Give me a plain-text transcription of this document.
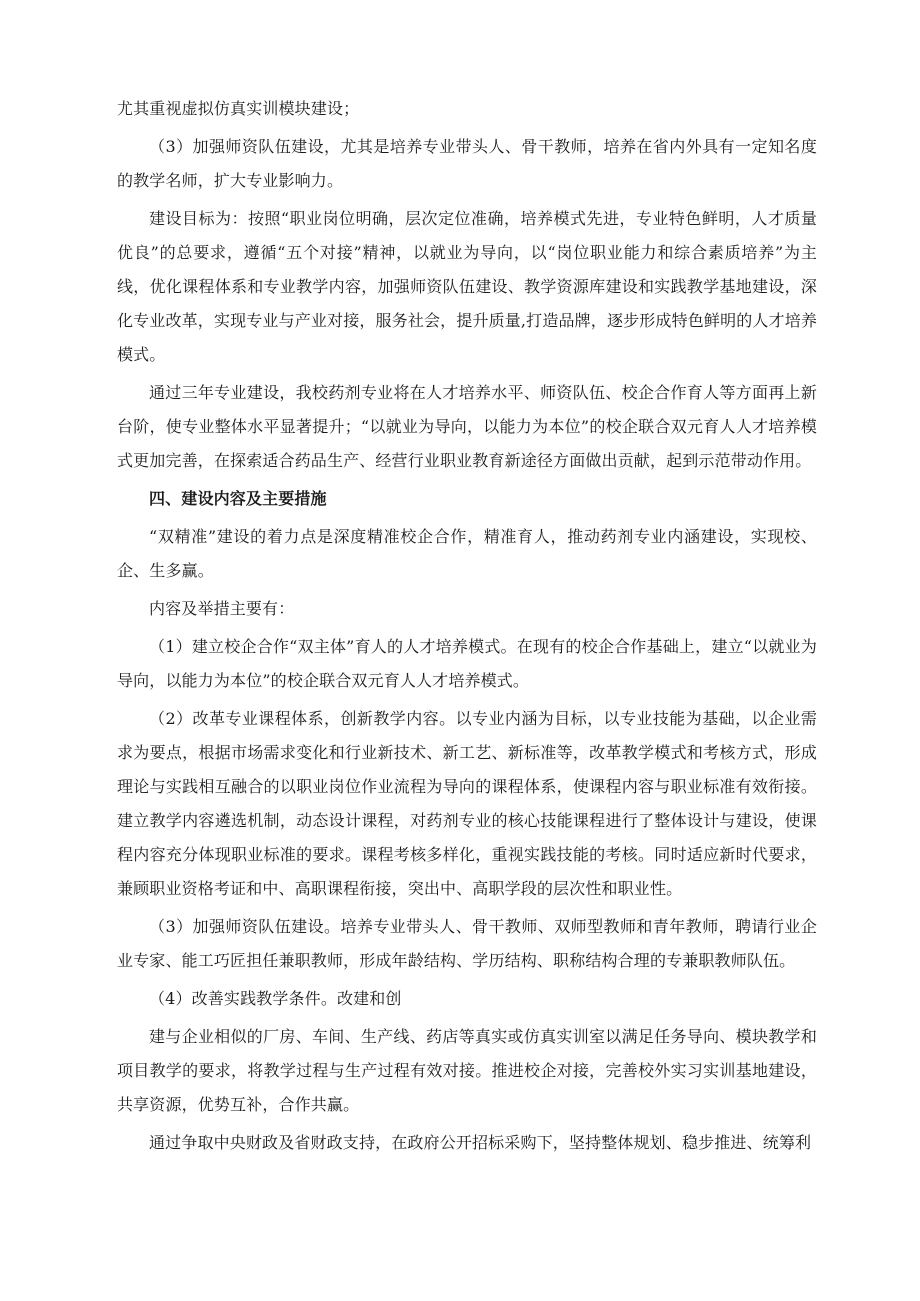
尤其重视虚拟仿真实训模块建设；

（3）加强师资队伍建设，尤其是培养专业带头人、骨干教师，培养在省内外具有一定知名度的教学名师，扩大专业影响力。

建设目标为：按照“职业岗位明确，层次定位准确，培养模式先进，专业特色鲜明，人才质量优良”的总要求，遵循“五个对接”精神，以就业为导向，以“岗位职业能力和综合素质培养”为主线，优化课程体系和专业教学内容，加强师资队伍建设、教学资源库建设和实践教学基地建设，深化专业改革，实现专业与产业对接，服务社会，提升质量,打造品牌，逐步形成特色鲜明的人才培养模式。

通过三年专业建设，我校药剂专业将在人才培养水平、师资队伍、校企合作育人等方面再上新台阶，使专业整体水平显著提升；“以就业为导向，以能力为本位”的校企联合双元育人人才培养模式更加完善，在探索适合药品生产、经营行业职业教育新途径方面做出贡献，起到示范带动作用。

四、建设内容及主要措施

“双精准”建设的着力点是深度精准校企合作，精准育人，推动药剂专业内涵建设，实现校、企、生多赢。

内容及举措主要有：

（1）建立校企合作“双主体”育人的人才培养模式。在现有的校企合作基础上，建立“以就业为导向，以能力为本位”的校企联合双元育人人才培养模式。

（2）改革专业课程体系，创新教学内容。以专业内涵为目标，以专业技能为基础，以企业需求为要点，根据市场需求变化和行业新技术、新工艺、新标准等，改革教学模式和考核方式，形成理论与实践相互融合的以职业岗位作业流程为导向的课程体系，使课程内容与职业标准有效衔接。建立教学内容遴选机制，动态设计课程，对药剂专业的核心技能课程进行了整体设计与建设，使课程内容充分体现职业标准的要求。课程考核多样化，重视实践技能的考核。同时适应新时代要求，兼顾职业资格考证和中、高职课程衔接，突出中、高职学段的层次性和职业性。

（3）加强师资队伍建设。培养专业带头人、骨干教师、双师型教师和青年教师，聘请行业企业专家、能工巧匠担任兼职教师，形成年龄结构、学历结构、职称结构合理的专兼职教师队伍。

（4）改善实践教学条件。改建和创

建与企业相似的厂房、车间、生产线、药店等真实或仿真实训室以满足任务导向、模块教学和项目教学的要求，将教学过程与生产过程有效对接。推进校企对接，完善校外实习实训基地建设，共享资源，优势互补，合作共赢。

通过争取中央财政及省财政支持，在政府公开招标采购下，坚持整体规划、稳步推进、统筹利
